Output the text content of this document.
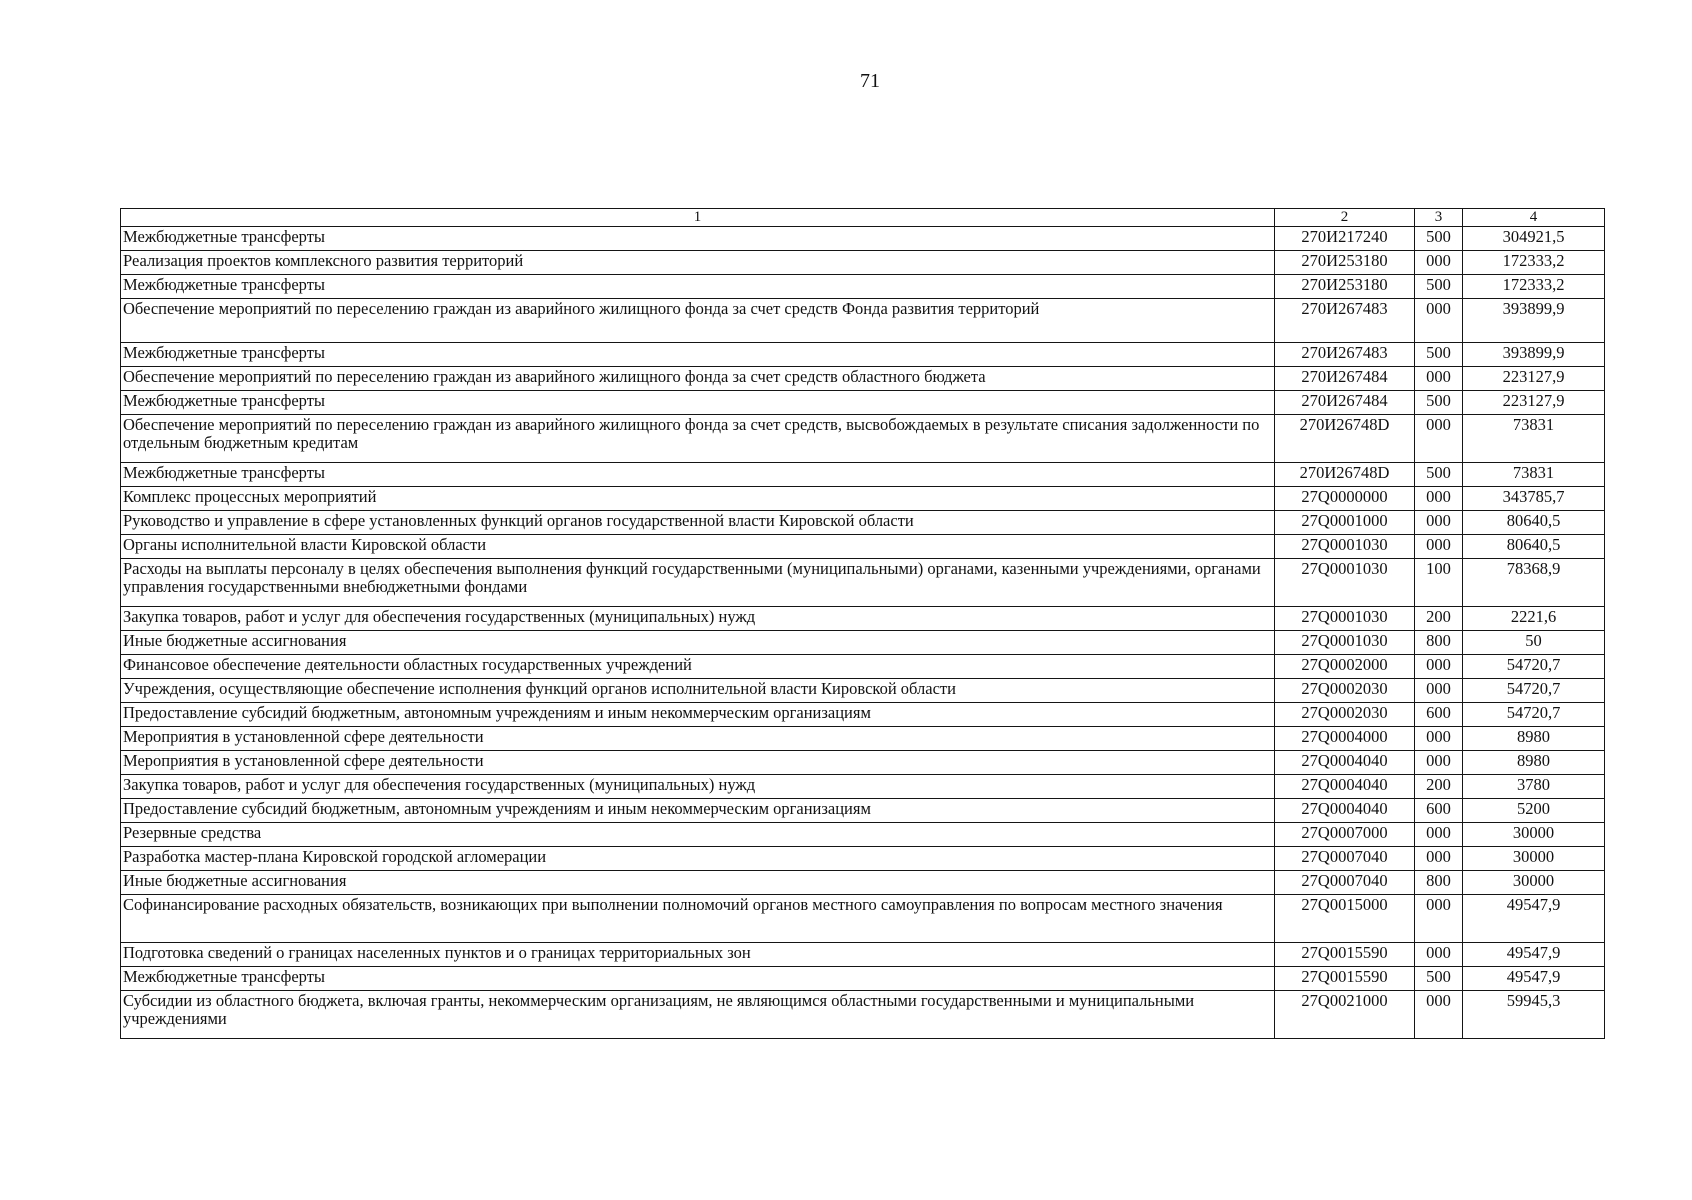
71
1	2	3	4
Межбюджетные трансферты	270И217240	500	304921,5
Реализация проектов комплексного развития территорий	270И253180	000	172333,2
Межбюджетные трансферты	270И253180	500	172333,2
Обеспечение мероприятий по переселению граждан из аварийного жилищного фонда за счет средств Фонда развития территорий	270И267483	000	393899,9
Межбюджетные трансферты	270И267483	500	393899,9
Обеспечение мероприятий по переселению граждан из аварийного жилищного фонда за счет средств областного бюджета	270И267484	000	223127,9
Межбюджетные трансферты	270И267484	500	223127,9
Обеспечение мероприятий по переселению граждан из аварийного жилищного фонда за счет средств, высвобождаемых в результате списания задолженности по отдельным бюджетным кредитам	270И26748D	000	73831
Межбюджетные трансферты	270И26748D	500	73831
Комплекс процессных мероприятий	27Q0000000	000	343785,7
Руководство и управление в сфере установленных функций органов государственной власти Кировской области	27Q0001000	000	80640,5
Органы исполнительной власти Кировской области	27Q0001030	000	80640,5
Расходы на выплаты персоналу в целях обеспечения выполнения функций государственными (муниципальными) органами, казенными учреждениями, органами управления государственными внебюджетными фондами	27Q0001030	100	78368,9
Закупка товаров, работ и услуг для обеспечения государственных (муниципальных) нужд	27Q0001030	200	2221,6
Иные бюджетные ассигнования	27Q0001030	800	50
Финансовое обеспечение деятельности областных государственных учреждений	27Q0002000	000	54720,7
Учреждения, осуществляющие обеспечение исполнения функций органов исполнительной власти Кировской области	27Q0002030	000	54720,7
Предоставление субсидий бюджетным, автономным учреждениям и иным некоммерческим организациям	27Q0002030	600	54720,7
Мероприятия в установленной сфере деятельности	27Q0004000	000	8980
Мероприятия в установленной сфере деятельности	27Q0004040	000	8980
Закупка товаров, работ и услуг для обеспечения государственных (муниципальных) нужд	27Q0004040	200	3780
Предоставление субсидий бюджетным, автономным учреждениям и иным некоммерческим организациям	27Q0004040	600	5200
Резервные средства	27Q0007000	000	30000
Разработка мастер-плана Кировской городской агломерации	27Q0007040	000	30000
Иные бюджетные ассигнования	27Q0007040	800	30000
Софинансирование расходных обязательств, возникающих при выполнении полномочий органов местного самоуправления по вопросам местного значения	27Q0015000	000	49547,9
Подготовка сведений о границах населенных пунктов и о границах территориальных зон	27Q0015590	000	49547,9
Межбюджетные трансферты	27Q0015590	500	49547,9
Субсидии из областного бюджета, включая гранты, некоммерческим организациям, не являющимся областными государственными и муниципальными учреждениями	27Q0021000	000	59945,3
